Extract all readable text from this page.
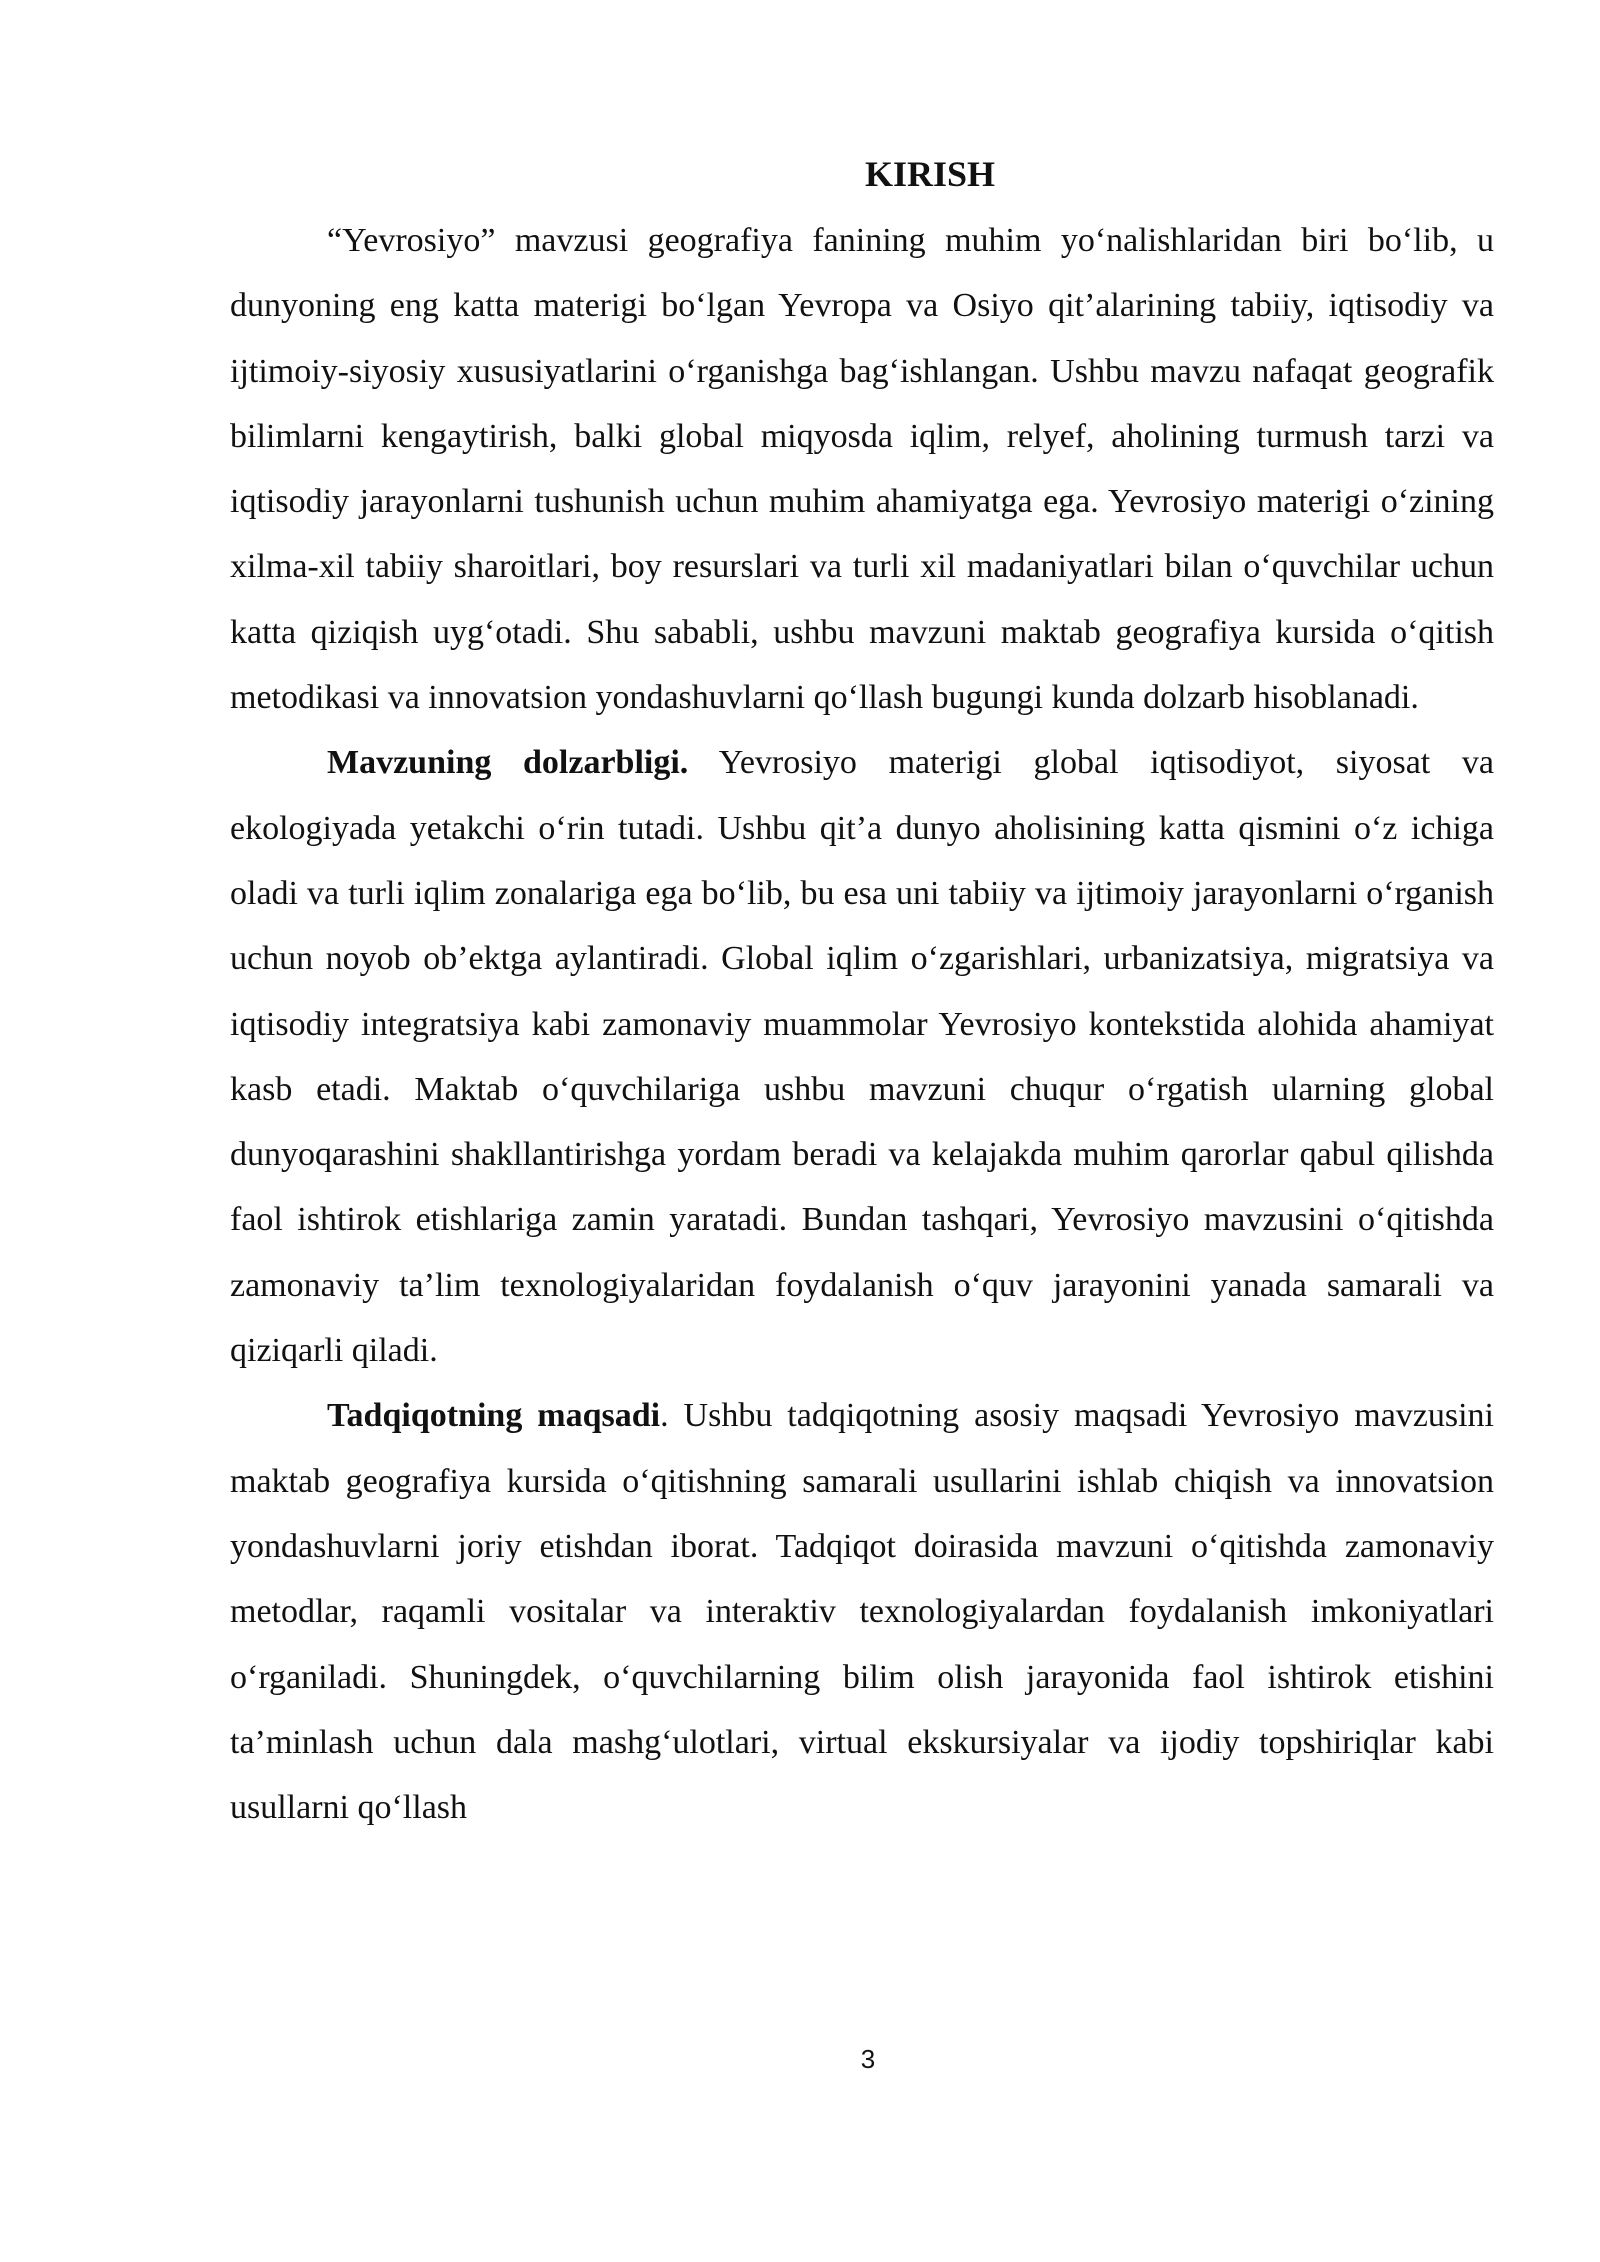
KIRISH

“Yevrosiyo” mavzusi geografiya fanining muhim yo‘nalishlaridan biri bo‘lib, u dunyoning eng katta materigi bo‘lgan Yevropa va Osiyo qit’alarining tabiiy, iqtisodiy va ijtimoiy-siyosiy xususiyatlarini o‘rganishga bag‘ishlangan. Ushbu mavzu nafaqat geografik bilimlarni kengaytirish, balki global miqyosda iqlim, relyef, aholining turmush tarzi va iqtisodiy jarayonlarni tushunish uchun muhim ahamiyatga ega. Yevrosiyo materigi o‘zining xilma-xil tabiiy sharoitlari, boy resurslari va turli xil madaniyatlari bilan o‘quvchilar uchun katta qiziqish uyg‘otadi. Shu sababli, ushbu mavzuni maktab geografiya kursida o‘qitish metodikasi va innovatsion yondashuvlarni qo‘llash bugungi kunda dolzarb hisoblanadi.

Mavzuning dolzarbligi. Yevrosiyo materigi global iqtisodiyot, siyosat va ekologiyada yetakchi o‘rin tutadi. Ushbu qit’a dunyo aholisining katta qismini o‘z ichiga oladi va turli iqlim zonalariga ega bo‘lib, bu esa uni tabiiy va ijtimoiy jarayonlarni o‘rganish uchun noyob ob’ektga aylantiradi. Global iqlim o‘zgarishlari, urbanizatsiya, migratsiya va iqtisodiy integratsiya kabi zamonaviy muammolar Yevrosiyo kontekstida alohida ahamiyat kasb etadi. Maktab o‘quvchilariga ushbu mavzuni chuqur o‘rgatish ularning global dunyoqarashini shakllantirishga yordam beradi va kelajakda muhim qarorlar qabul qilishda faol ishtirok etishlariga zamin yaratadi. Bundan tashqari, Yevrosiyo mavzusini o‘qitishda zamonaviy ta’lim texnologiyalaridan foydalanish o‘quv jarayonini yanada samarali va qiziqarli qiladi.

Tadqiqotning maqsadi. Ushbu tadqiqotning asosiy maqsadi Yevrosiyo mavzusini maktab geografiya kursida o‘qitishning samarali usullarini ishlab chiqish va innovatsion yondashuvlarni joriy etishdan iborat. Tadqiqot doirasida mavzuni o‘qitishda zamonaviy metodlar, raqamli vositalar va interaktiv texnologiyalardan foydalanish imkoniyatlari o‘rganiladi. Shuningdek, o‘quvchilarning bilim olish jarayonida faol ishtirok etishini ta’minlash uchun dala mashg‘ulotlari, virtual ekskursiyalar va ijodiy topshiriqlar kabi usullarni qo‘llash

3
